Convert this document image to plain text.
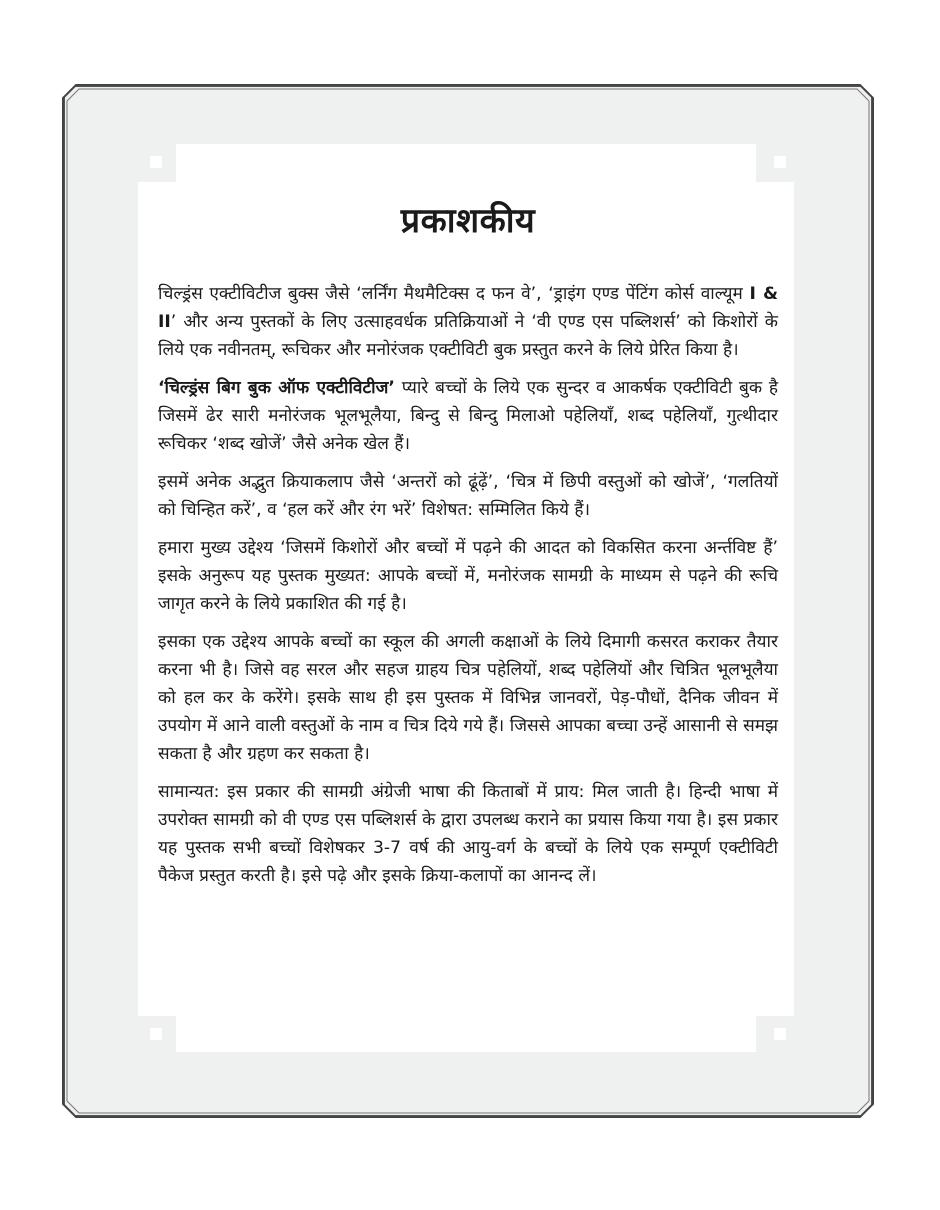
प्रकाशकीय

चिल्ड्रंस एक्टीविटीज बुक्स जैसे ‘लर्निंग मैथमैटिक्स द फन वे’, ‘ड्राइंग एण्ड पेंटिंग कोर्स वाल्यूम I & II’ और अन्य पुस्तकों के लिए उत्साहवर्धक प्रतिक्रियाओं ने ‘वी एण्ड एस पब्लिशर्स’ को किशोरों के लिये एक नवीनतम्, रूचिकर और मनोरंजक एक्टीविटी बुक प्रस्तुत करने के लिये प्रेरित किया है।

‘चिल्ड्रंस बिग बुक ऑफ एक्टीविटीज’ प्यारे बच्चों के लिये एक सुन्दर व आकर्षक एक्टीविटी बुक है जिसमें ढेर सारी मनोरंजक भूलभूलैया, बिन्दु से बिन्दु मिलाओ पहेलियाँ, शब्द पहेलियाँ, गुत्थीदार रूचिकर ‘शब्द खोजें’ जैसे अनेक खेल हैं।

इसमें अनेक अद्भुत क्रियाकलाप जैसे ‘अन्तरों को ढूंढ़ें’, ‘चित्र में छिपी वस्तुओं को खोजें’, ‘गलतियों को चिन्हित करें’, व ‘हल करें और रंग भरें’ विशेषत: सम्मिलित किये हैं।

हमारा मुख्य उद्देश्य ‘जिसमें किशोरों और बच्चों में पढ़ने की आदत को विकसित करना अर्न्तविष्ट हैं’ इसके अनुरूप यह पुस्तक मुख्यत: आपके बच्चों में, मनोरंजक सामग्री के माध्यम से पढ़ने की रूचि जागृत करने के लिये प्रकाशित की गई है।

इसका एक उद्देश्य आपके बच्चों का स्कूल की अगली कक्षाओं के लिये दिमागी कसरत कराकर तैयार करना भी है। जिसे वह सरल और सहज ग्राहय चित्र पहेलियों, शब्द पहेलियों और चित्रित भूलभूलैया को हल कर के करेंगे। इसके साथ ही इस पुस्तक में विभिन्न जानवरों, पेड़-पौधों, दैनिक जीवन में उपयोग में आने वाली वस्तुओं के नाम व चित्र दिये गये हैं। जिससे आपका बच्चा उन्हें आसानी से समझ सकता है और ग्रहण कर सकता है।

सामान्यत: इस प्रकार की सामग्री अंग्रेजी भाषा की किताबों में प्राय: मिल जाती है। हिन्दी भाषा में उपरोक्त सामग्री को वी एण्ड एस पब्लिशर्स के द्वारा उपलब्ध कराने का प्रयास किया गया है। इस प्रकार यह पुस्तक सभी बच्चों विशेषकर 3-7 वर्ष की आयु-वर्ग के बच्चों के लिये एक सम्पूर्ण एक्टीविटी पैकेज प्रस्तुत करती है। इसे पढ़े और इसके क्रिया-कलापों का आनन्द लें।
